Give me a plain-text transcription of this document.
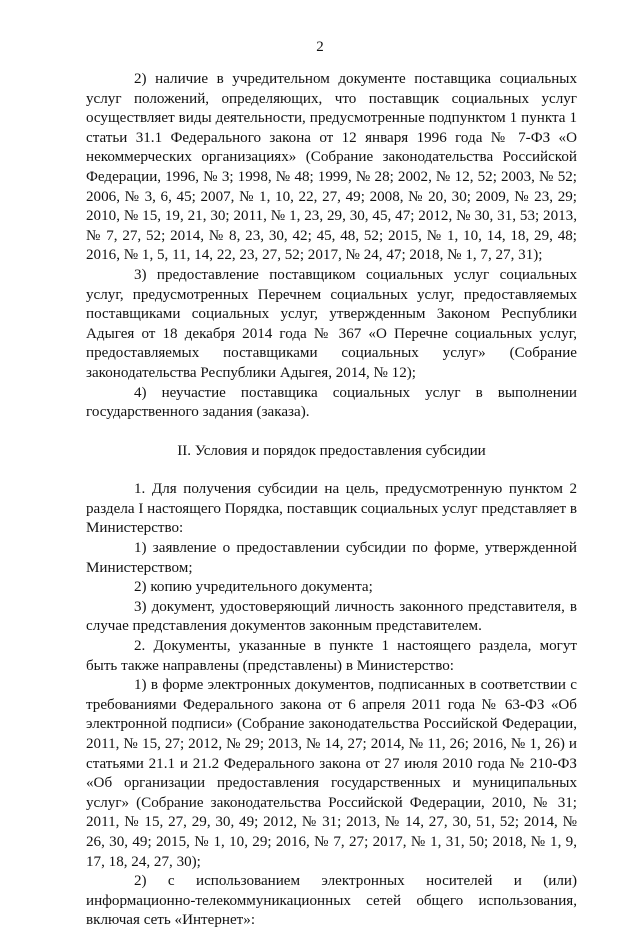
2

2) наличие в учредительном документе поставщика социальных услуг положений, определяющих, что поставщик социальных услуг осуществляет виды деятельности, предусмотренные подпунктом 1 пункта 1 статьи 31.1 Федерального закона от 12 января 1996 года № 7-ФЗ «О некоммерческих организациях» (Собрание законодательства Российской Федерации, 1996, № 3; 1998, № 48; 1999, № 28; 2002, № 12, 52; 2003, № 52; 2006, № 3, 6, 45; 2007, № 1, 10, 22, 27, 49; 2008, № 20, 30; 2009, № 23, 29; 2010, № 15, 19, 21, 30; 2011, № 1, 23, 29, 30, 45, 47; 2012, № 30, 31, 53; 2013, № 7, 27, 52; 2014, № 8, 23, 30, 42; 45, 48, 52; 2015, № 1, 10, 14, 18, 29, 48; 2016, № 1, 5, 11, 14, 22, 23, 27, 52; 2017, № 24, 47; 2018, № 1, 7, 27, 31);

3) предоставление поставщиком социальных услуг социальных услуг, предусмотренных Перечнем социальных услуг, предоставляемых поставщиками социальных услуг, утвержденным Законом Республики Адыгея от 18 декабря 2014 года № 367 «О Перечне социальных услуг, предоставляемых поставщиками социальных услуг» (Собрание законодательства Республики Адыгея, 2014, № 12);

4) неучастие поставщика социальных услуг в выполнении государственного задания (заказа).

II. Условия и порядок предоставления субсидии

1. Для получения субсидии на цель, предусмотренную пунктом 2 раздела I настоящего Порядка, поставщик социальных услуг представляет в Министерство:

1) заявление о предоставлении субсидии по форме, утвержденной Министерством;

2) копию учредительного документа;

3) документ, удостоверяющий личность законного представителя, в случае представления документов законным представителем.

2. Документы, указанные в пункте 1 настоящего раздела, могут быть также направлены (представлены) в Министерство:

1) в форме электронных документов, подписанных в соответствии с требованиями Федерального закона от 6 апреля 2011 года № 63-ФЗ «Об электронной подписи» (Собрание законодательства Российской Федерации, 2011, № 15, 27; 2012, № 29; 2013, № 14, 27; 2014, № 11, 26; 2016, № 1, 26) и статьями 21.1 и 21.2 Федерального закона от 27 июля 2010 года № 210-ФЗ «Об организации предоставления государственных и муниципальных услуг» (Собрание законодательства Российской Федерации, 2010, № 31; 2011, № 15, 27, 29, 30, 49; 2012, № 31; 2013, № 14, 27, 30, 51, 52; 2014, № 26, 30, 49; 2015, № 1, 10, 29; 2016, № 7, 27; 2017, № 1, 31, 50; 2018, № 1, 9, 17, 18, 24, 27, 30);

2) с использованием электронных носителей и (или) информационно-телекоммуникационных сетей общего использования, включая сеть «Интернет»:
